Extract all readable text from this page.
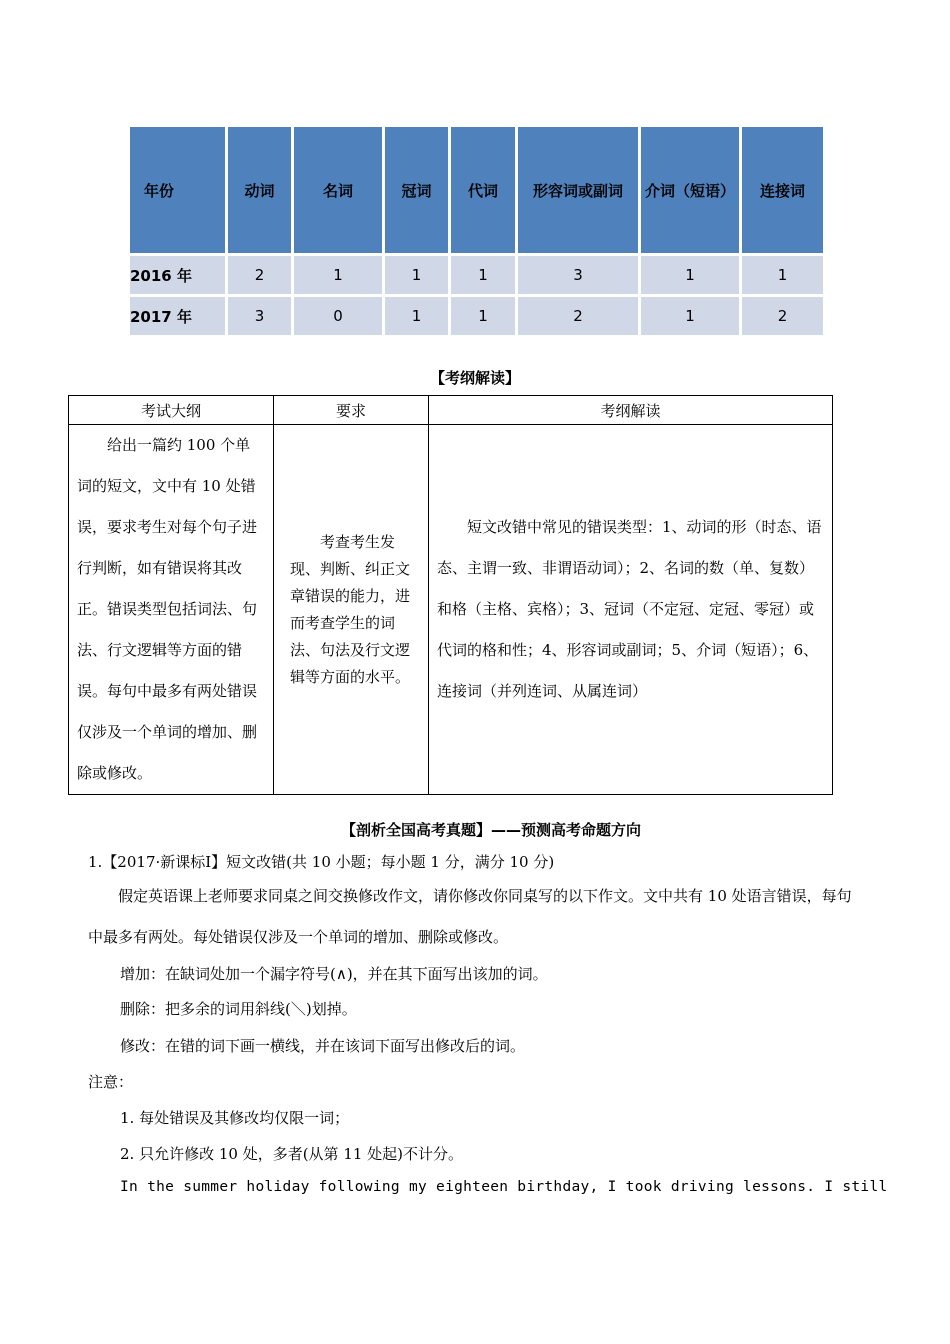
年份	动词	名词	冠词	代词	形容词或副词	介词（短语）	连接词
2016 年	2	1	1	1	3	1	1
2017 年	3	0	1	1	2	1	2
【考纲解读】
考试大纲	要求	考纲解读
给出一篇约 100 个单词的短文，文中有 10 处错误，要求考生对每个句子进行判断，如有错误将其改正。错误类型包括词法、句法、行文逻辑等方面的错误。每句中最多有两处错误仅涉及一个单词的增加、删除或修改。	考查考生发现、判断、纠正文章错误的能力，进而考查学生的词法、句法及行文逻辑等方面的水平。	短文改错中常见的错误类型：1、动词的形（时态、语态、主谓一致、非谓语动词）；2、名词的数（单、复数）和格（主格、宾格）；3、冠词（不定冠、定冠、零冠）或代词的格和性；4、形容词或副词；5、介词（短语）；6、连接词（并列连词、从属连词）
【剖析全国高考真题】——预测高考命题方向
1.【2017·新课标Ⅰ】短文改错(共 10 小题；每小题 1 分，满分 10 分)
假定英语课上老师要求同桌之间交换修改作文，请你修改你同桌写的以下作文。文中共有 10 处语言错误，每句中最多有两处。每处错误仅涉及一个单词的增加、删除或修改。
增加：在缺词处加一个漏字符号(∧)，并在其下面写出该加的词。
删除：把多余的词用斜线(＼)划掉。
修改：在错的词下画一横线，并在该词下面写出修改后的词。
注意：
1. 每处错误及其修改均仅限一词；
2. 只允许修改 10 处，多者(从第 11 处起)不计分。
In the summer holiday following my eighteen birthday, I took driving lessons. I still
